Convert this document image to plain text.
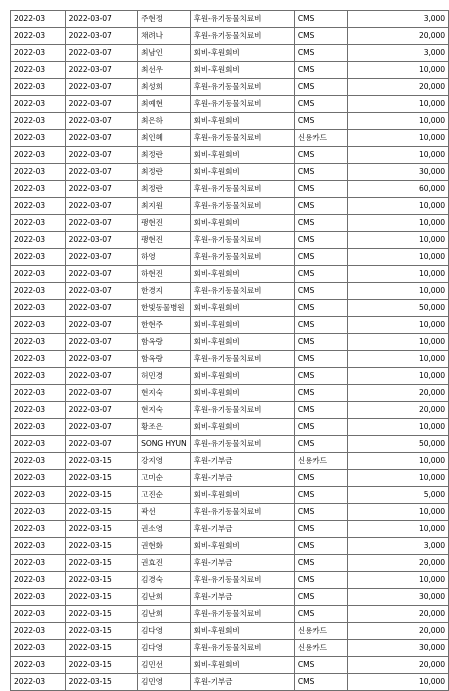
2022-03	2022-03-07	주현정	후원-유기동물치료비	CMS	3,000
2022-03	2022-03-07	채려나	후원-유기동물치료비	CMS	20,000
2022-03	2022-03-07	최남인	회비-후원회비	CMS	3,000
2022-03	2022-03-07	최선우	회비-후원회비	CMS	10,000
2022-03	2022-03-07	최성희	후원-유기동물치료비	CMS	20,000
2022-03	2022-03-07	최예현	후원-유기동물치료비	CMS	10,000
2022-03	2022-03-07	최은하	회비-후원회비	CMS	10,000
2022-03	2022-03-07	최인혜	후원-유기동물치료비	신용카드	10,000
2022-03	2022-03-07	최정란	회비-후원회비	CMS	10,000
2022-03	2022-03-07	최정란	회비-후원회비	CMS	30,000
2022-03	2022-03-07	최정란	후원-유기동물치료비	CMS	60,000
2022-03	2022-03-07	최지원	후원-유기동물치료비	CMS	10,000
2022-03	2022-03-07	팽현진	회비-후원회비	CMS	10,000
2022-03	2022-03-07	팽현진	후원-유기동물치료비	CMS	10,000
2022-03	2022-03-07	하영	후원-유기동물치료비	CMS	10,000
2022-03	2022-03-07	하현진	회비-후원회비	CMS	10,000
2022-03	2022-03-07	한경지	후원-유기동물치료비	CMS	10,000
2022-03	2022-03-07	한빛동물병원	회비-후원회비	CMS	50,000
2022-03	2022-03-07	한현주	회비-후원회비	CMS	10,000
2022-03	2022-03-07	함옥랑	회비-후원회비	CMS	10,000
2022-03	2022-03-07	함옥랑	후원-유기동물치료비	CMS	10,000
2022-03	2022-03-07	허민경	회비-후원회비	CMS	10,000
2022-03	2022-03-07	현지숙	회비-후원회비	CMS	20,000
2022-03	2022-03-07	현지숙	후원-유기동물치료비	CMS	20,000
2022-03	2022-03-07	황조은	회비-후원회비	CMS	10,000
2022-03	2022-03-07	SONG HYUN	후원-유기동물치료비	CMS	50,000
2022-03	2022-03-15	강지영	후원-기부금	신용카드	10,000
2022-03	2022-03-15	고미순	후원-기부금	CMS	10,000
2022-03	2022-03-15	고진순	회비-후원회비	CMS	5,000
2022-03	2022-03-15	곽선	후원-유기동물치료비	CMS	10,000
2022-03	2022-03-15	권소영	후원-기부금	CMS	10,000
2022-03	2022-03-15	권현화	회비-후원회비	CMS	3,000
2022-03	2022-03-15	권효진	후원-기부금	CMS	20,000
2022-03	2022-03-15	김경숙	후원-유기동물치료비	CMS	10,000
2022-03	2022-03-15	김난희	후원-기부금	CMS	30,000
2022-03	2022-03-15	김난희	후원-유기동물치료비	CMS	20,000
2022-03	2022-03-15	김다영	회비-후원회비	신용카드	20,000
2022-03	2022-03-15	김다영	후원-유기동물치료비	신용카드	30,000
2022-03	2022-03-15	김민선	회비-후원회비	CMS	20,000
2022-03	2022-03-15	김민영	후원-기부금	CMS	10,000
